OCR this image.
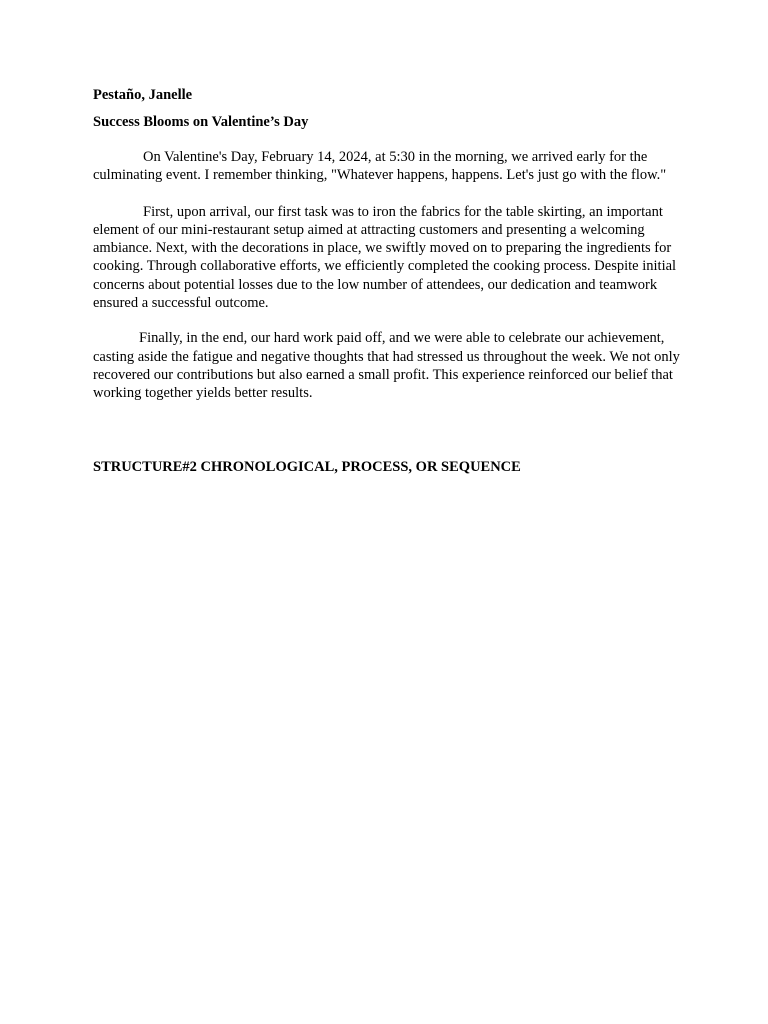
Pestaño, Janelle

Success Blooms on Valentine’s Day

On Valentine's Day, February 14, 2024, at 5:30 in the morning, we arrived early for the culminating event. I remember thinking, "Whatever happens, happens. Let's just go with the flow."

First, upon arrival, our first task was to iron the fabrics for the table skirting, an important element of our mini-restaurant setup aimed at attracting customers and presenting a welcoming ambiance. Next, with the decorations in place, we swiftly moved on to preparing the ingredients for cooking. Through collaborative efforts, we efficiently completed the cooking process. Despite initial concerns about potential losses due to the low number of attendees, our dedication and teamwork ensured a successful outcome.

Finally, in the end, our hard work paid off, and we were able to celebrate our achievement, casting aside the fatigue and negative thoughts that had stressed us throughout the week. We not only recovered our contributions but also earned a small profit. This experience reinforced our belief that working together yields better results.

STRUCTURE#2 CHRONOLOGICAL, PROCESS, OR SEQUENCE
